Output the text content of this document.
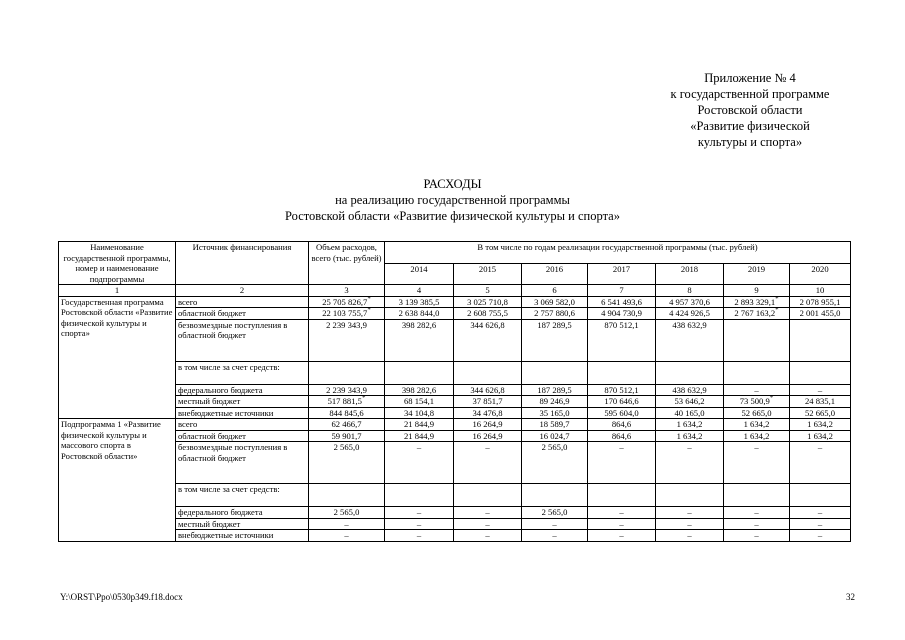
Приложение № 4
к государственной программе
Ростовской области
«Развитие физической
культуры и спорта»
РАСХОДЫ
на реализацию государственной программы
Ростовской области «Развитие физической культуры и спорта»
Наименование государственной программы, номер и наименование подпрограммы	Источник финансирования	Объем расходов, всего (тыс. рублей)	В том числе по годам реализации государственной программы (тыс. рублей)						
			2014	2015	2016	2017	2018	2019	2020
1	2	3	4	5	6	7	8	9	10
Государственная программа Ростовской области «Развитие физической культуры и спорта»	всего	25 705 826,7*	3 139 385,5	3 025 710,8	3 069 582,0	6 541 493,6	4 957 370,6	2 893 329,1*	2 078 955,1
	областной бюджет	22 103 755,7*	2 638 844,0	2 608 755,5	2 757 880,6	4 904 730,9	4 424 926,5	2 767 163,2*	2 001 455,0
	безвозмездные поступления в областной бюджет	2 239 343,9	398 282,6	344 626,8	187 289,5	870 512,1	438 632,9		
	в том числе за счет средств:								
	федерального бюджета	2 239 343,9	398 282,6	344 626,8	187 289,5	870 512,1	438 632,9	–	–
	местный бюджет	517 881,5*	68 154,1	37 851,7	89 246,9	170 646,6	53 646,2	73 500,9*	24 835,1
	внебюджетные источники	844 845,6	34 104,8	34 476,8	35 165,0	595 604,0	40 165,0	52 665,0	52 665,0
Подпрограмма 1 «Развитие физической культуры и массового спорта в Ростовской области»	всего	62 466,7	21 844,9	16 264,9	18 589,7	864,6	1 634,2	1 634,2	1 634,2
	областной бюджет	59 901,7	21 844,9	16 264,9	16 024,7	864,6	1 634,2	1 634,2	1 634,2
	безвозмездные поступления в областной бюджет	2 565,0	–	–	2 565,0	–	–	–	–
	в том числе за счет средств:								
	федерального бюджета	2 565,0	–	–	2 565,0	–	–	–	–
	местный бюджет	–	–	–	–	–	–	–	–
	внебюджетные источники	–	–	–	–	–	–	–	–
Y:\ORST\Ppo\0530p349.f18.docx	32
